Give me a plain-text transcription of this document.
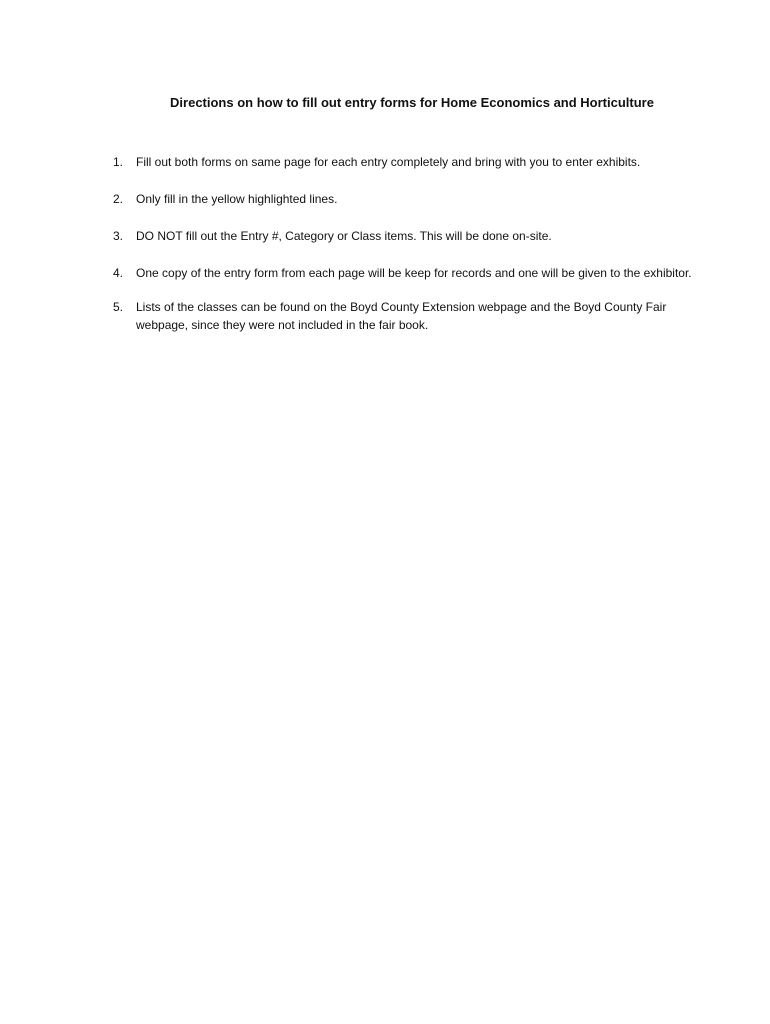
Directions on how to fill out entry forms for Home Economics and Horticulture
1.	Fill out both forms on same page for each entry completely and bring with you to enter exhibits.
2.	Only fill in the yellow highlighted lines.
3.	DO NOT fill out the Entry #, Category or Class items. This will be done on-site.
4.	One copy of the entry form from each page will be keep for records and one will be given to the exhibitor.
5.	Lists of the classes can be found on the Boyd County Extension webpage and the Boyd County Fair webpage, since they were not included in the fair book.
